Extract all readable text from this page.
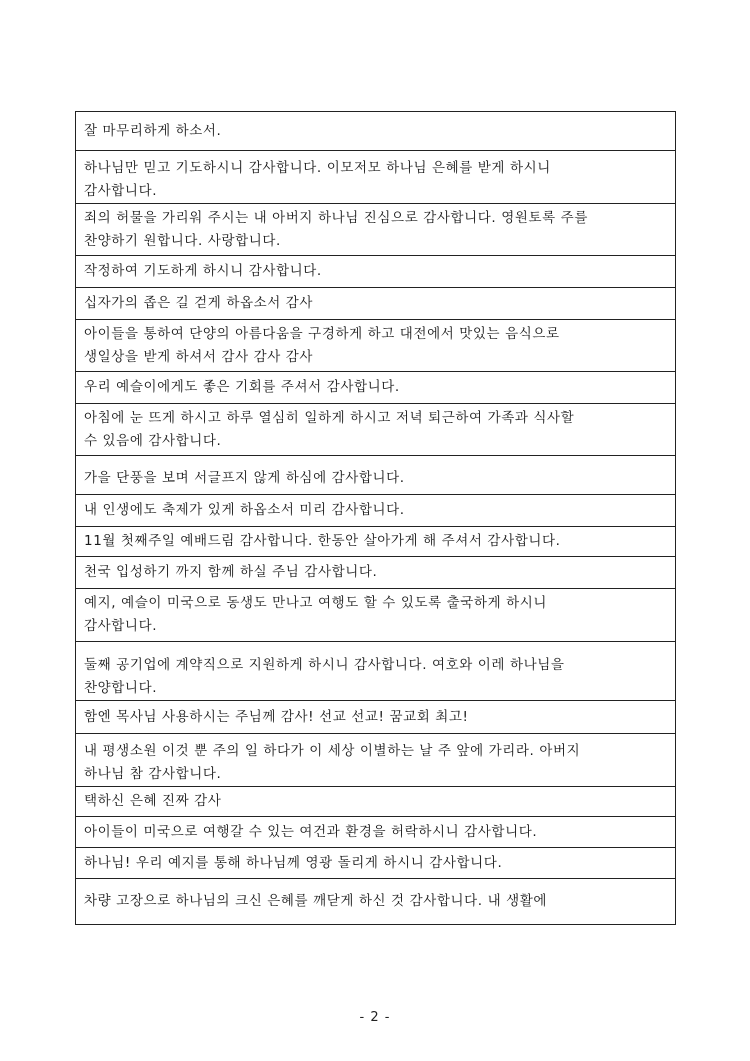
잘 마무리하게 하소서.

하나님만 믿고 기도하시니 감사합니다. 이모저모 하나님 은혜를 받게 하시니
감사합니다.

죄의 허물을 가리워 주시는 내 아버지 하나님 진심으로 감사합니다. 영원토록 주를
찬양하기 원합니다. 사랑합니다.

작정하여 기도하게 하시니 감사합니다.

십자가의 좁은 길 걷게 하옵소서 감사

아이들을 통하여 단양의 아름다움을 구경하게 하고 대전에서 맛있는 음식으로
생일상을 받게 하셔서 감사 감사 감사

우리 예슬이에게도 좋은 기회를 주셔서 감사합니다.

아침에 눈 뜨게 하시고 하루 열심히 일하게 하시고 저녁 퇴근하여 가족과 식사할
수 있음에 감사합니다.

가을 단풍을 보며 서글프지 않게 하심에 감사합니다.

내 인생에도 축제가 있게 하옵소서 미리 감사합니다.

11월 첫째주일 예배드림 감사합니다. 한동안 살아가게 해 주셔서 감사합니다.

천국 입성하기 까지 함께 하실 주님 감사합니다.

예지, 예슬이 미국으로 동생도 만나고 여행도 할 수 있도록 출국하게 하시니
감사합니다.

둘째 공기업에 계약직으로 지원하게 하시니 감사합니다. 여호와 이레 하나님을
찬양합니다.

함엔 목사님 사용하시는 주님께 감사! 선교 선교! 꿈교회 최고!

내 평생소원 이것 뿐 주의 일 하다가 이 세상 이별하는 날 주 앞에 가리라. 아버지
하나님 참 감사합니다.

택하신 은혜 진짜 감사

아이들이 미국으로 여행갈 수 있는 여건과 환경을 허락하시니 감사합니다.

하나님! 우리 예지를 통해 하나님께 영광 돌리게 하시니 감사합니다.

차량 고장으로 하나님의 크신 은혜를 깨닫게 하신 것 감사합니다. 내 생활에
- 2 -
